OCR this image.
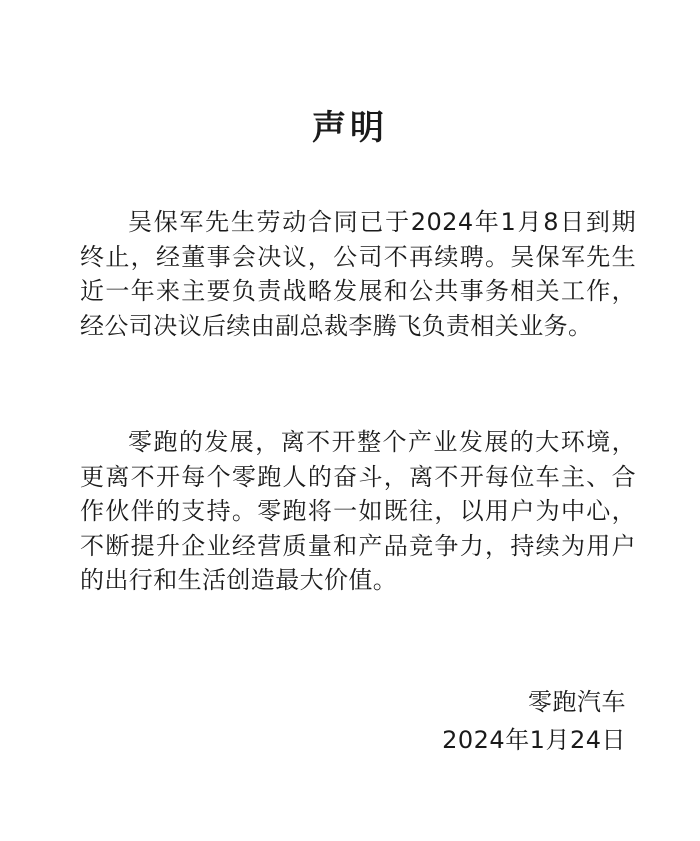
声明

吴保军先生劳动合同已于2024年1月8日到期终止，经董事会决议，公司不再续聘。吴保军先生近一年来主要负责战略发展和公共事务相关工作，经公司决议后续由副总裁李腾飞负责相关业务。

零跑的发展，离不开整个产业发展的大环境，更离不开每个零跑人的奋斗，离不开每位车主、合作伙伴的支持。零跑将一如既往，以用户为中心，不断提升企业经营质量和产品竞争力，持续为用户的出行和生活创造最大价值。

零跑汽车
2024年1月24日
